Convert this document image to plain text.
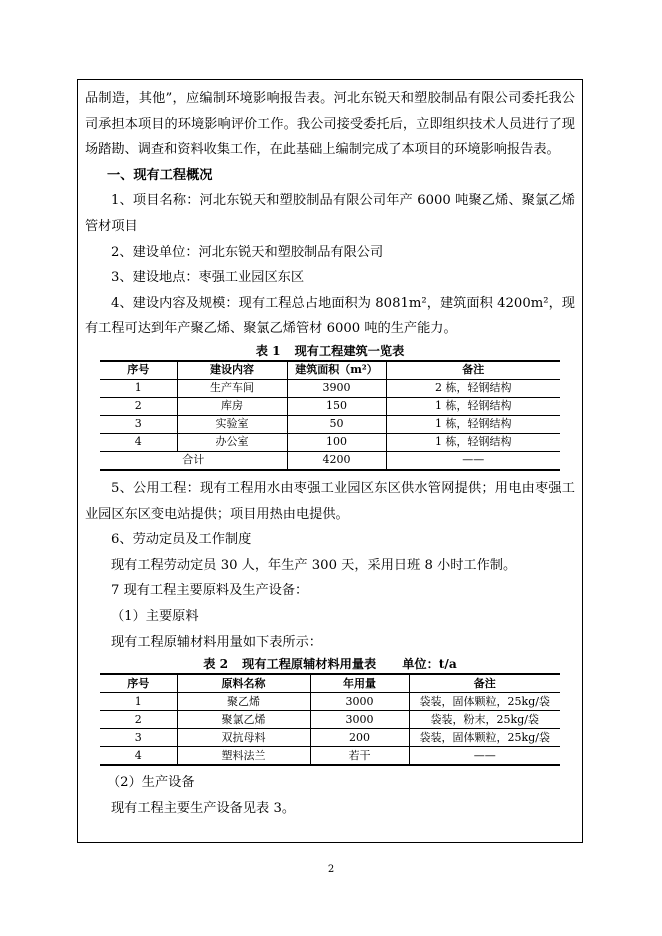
品制造，其他”，应编制环境影响报告表。河北东锐天和塑胶制品有限公司委托我公司承担本项目的环境影响评价工作。我公司接受委托后，立即组织技术人员进行了现场踏勘、调查和资料收集工作，在此基础上编制完成了本项目的环境影响报告表。

一、现有工程概况

1、项目名称：河北东锐天和塑胶制品有限公司年产 6000 吨聚乙烯、聚氯乙烯管材项目

2、建设单位：河北东锐天和塑胶制品有限公司

3、建设地点：枣强工业园区东区

4、建设内容及规模：现有工程总占地面积为 8081m²，建筑面积 4200m²，现有工程可达到年产聚乙烯、聚氯乙烯管材 6000 吨的生产能力。

表 1 现有工程建筑一览表

序号	建设内容	建筑面积（m²）	备注
1	生产车间	3900	2 栋，轻钢结构
2	库房	150	1 栋，轻钢结构
3	实验室	50	1 栋，轻钢结构
4	办公室	100	1 栋，轻钢结构
合计		4200	——

5、公用工程：现有工程用水由枣强工业园区东区供水管网提供；用电由枣强工业园区东区变电站提供；项目用热由电提供。

6、劳动定员及工作制度

现有工程劳动定员 30 人，年生产 300 天，采用日班 8 小时工作制。

7 现有工程主要原料及生产设备：

（1）主要原料

现有工程原辅材料用量如下表所示：

表 2 现有工程原辅材料用量表 单位：t/a

序号	原料名称	年用量	备注
1	聚乙烯	3000	袋装，固体颗粒，25kg/袋
2	聚氯乙烯	3000	袋装，粉末，25kg/袋
3	双抗母料	200	袋装，固体颗粒，25kg/袋
4	塑料法兰	若干	——

（2）生产设备

现有工程主要生产设备见表 3。

2
